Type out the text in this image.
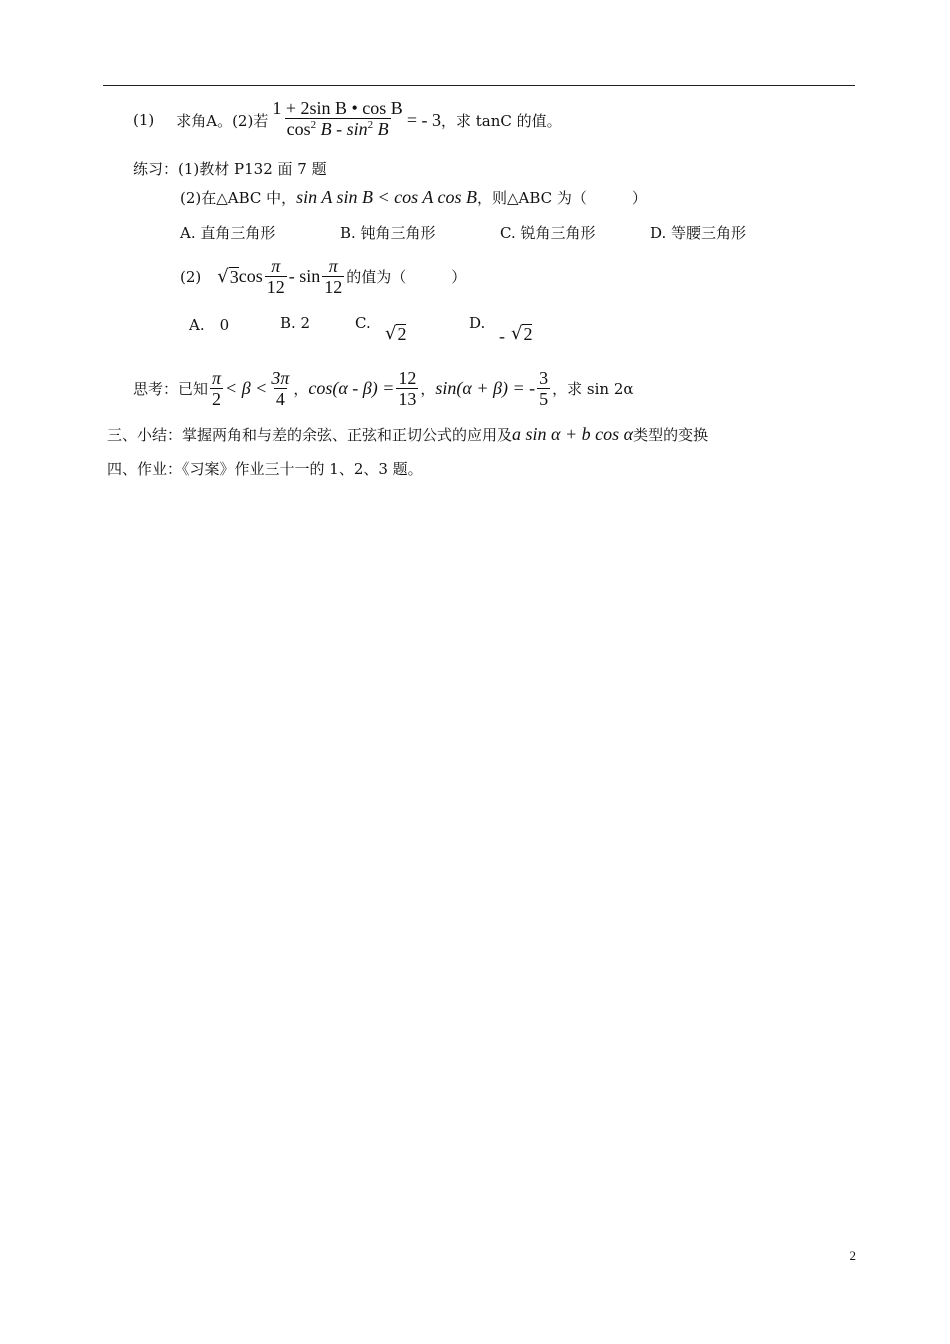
(1) 求角A。(2)若 $\frac{\text{1 + 2sin B • cos B}}{\cos^2 B - \sin^2 B}$ = - 3 ，求 tanC 的值。
练习：(1)教材 P132 面 7 题
(2)在△ABC 中， sin A sin B < cos A cos B ，则△ABC 为（　　　）
A. 直角三角形	B. 钝角三角形	C. 锐角三角形	D. 等腰三角形
(2) √ 3 $\cos \frac{\pi}{12}$ - $\sin \frac{\pi}{12}$ 的值为（　　　）
A.　0	B. 2	C. √ 2
D.
- √ 2
思考：已知 $\frac{\pi}{2} < \beta < \frac{3\pi}{4}$ ， $\cos(\alpha - \beta) = \frac{12}{13}$ ， sin(α + β) = - $\frac{3}{5}$ ，求 sin 2α
三、小结：掌握两角和与差的余弦、正弦和正切公式的应用及 a sin α + b cos α 类型的变换
四、作业：《习案》作业三十一的 1、2、3 题。
2
